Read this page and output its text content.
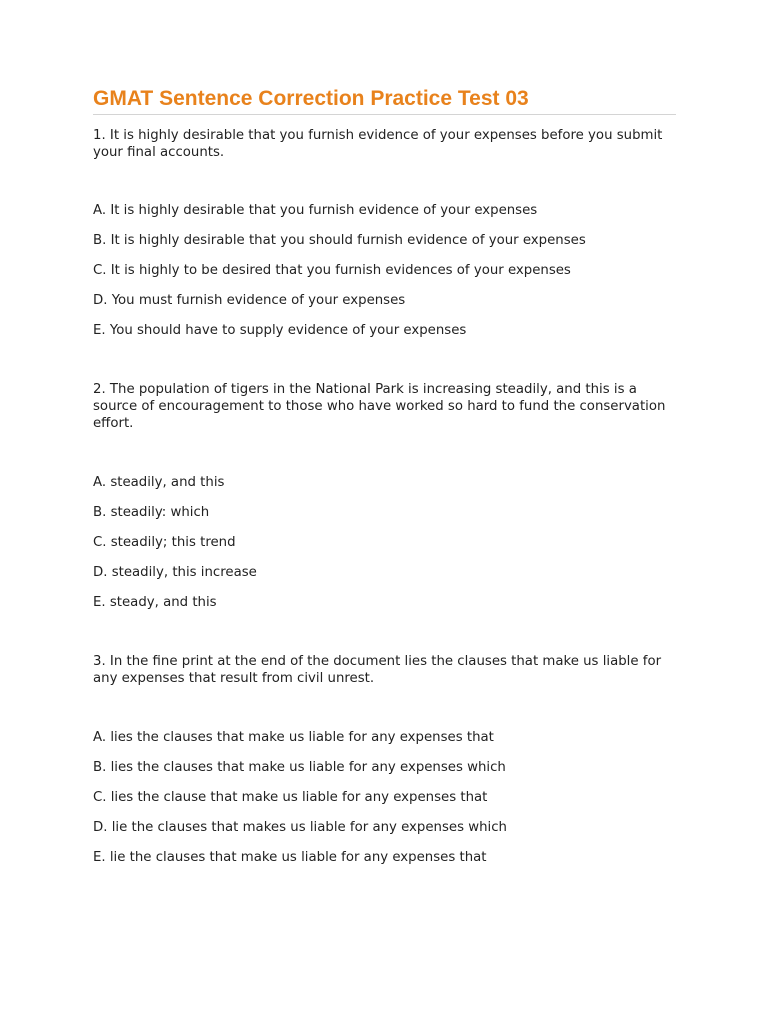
GMAT Sentence Correction Practice Test 03

1. It is highly desirable that you furnish evidence of your expenses before you submit your final accounts.

A. It is highly desirable that you furnish evidence of your expenses

B. It is highly desirable that you should furnish evidence of your expenses

C. It is highly to be desired that you furnish evidences of your expenses

D. You must furnish evidence of your expenses

E. You should have to supply evidence of your expenses

2. The population of tigers in the National Park is increasing steadily, and this is a source of encouragement to those who have worked so hard to fund the conservation effort.

A. steadily, and this

B. steadily: which

C. steadily; this trend

D. steadily, this increase

E. steady, and this

3. In the fine print at the end of the document lies the clauses that make us liable for any expenses that result from civil unrest.

A. lies the clauses that make us liable for any expenses that

B. lies the clauses that make us liable for any expenses which

C. lies the clause that make us liable for any expenses that

D. lie the clauses that makes us liable for any expenses which

E. lie the clauses that make us liable for any expenses that
